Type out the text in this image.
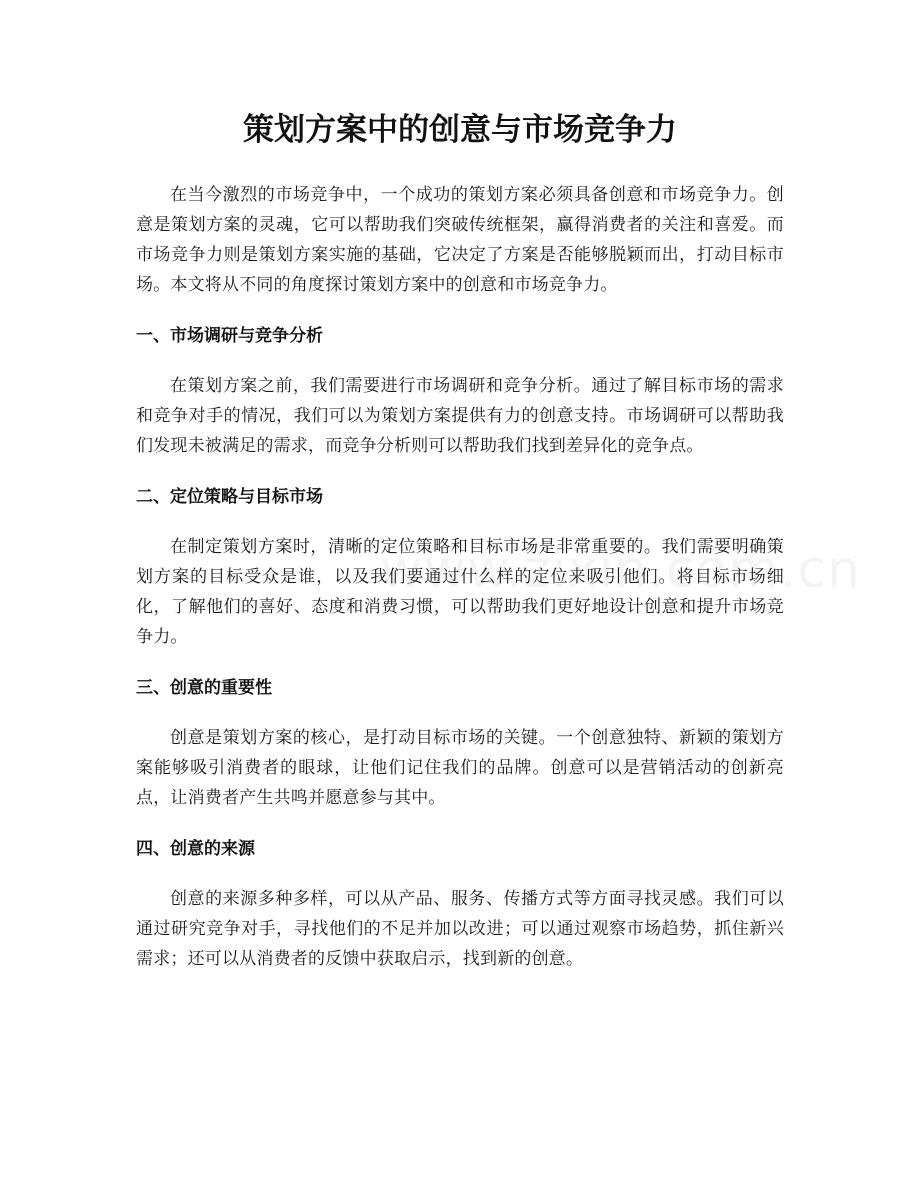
策划方案中的创意与市场竞争力

在当今激烈的市场竞争中，一个成功的策划方案必须具备创意和市场竞争力。创意是策划方案的灵魂，它可以帮助我们突破传统框架，赢得消费者的关注和喜爱。而市场竞争力则是策划方案实施的基础，它决定了方案是否能够脱颖而出，打动目标市场。本文将从不同的角度探讨策划方案中的创意和市场竞争力。

一、市场调研与竞争分析

在策划方案之前，我们需要进行市场调研和竞争分析。通过了解目标市场的需求和竞争对手的情况，我们可以为策划方案提供有力的创意支持。市场调研可以帮助我们发现未被满足的需求，而竞争分析则可以帮助我们找到差异化的竞争点。

二、定位策略与目标市场

在制定策划方案时，清晰的定位策略和目标市场是非常重要的。我们需要明确策划方案的目标受众是谁，以及我们要通过什么样的定位来吸引他们。将目标市场细化，了解他们的喜好、态度和消费习惯，可以帮助我们更好地设计创意和提升市场竞争力。

三、创意的重要性

创意是策划方案的核心，是打动目标市场的关键。一个创意独特、新颖的策划方案能够吸引消费者的眼球，让他们记住我们的品牌。创意可以是营销活动的创新亮点，让消费者产生共鸣并愿意参与其中。

四、创意的来源

创意的来源多种多样，可以从产品、服务、传播方式等方面寻找灵感。我们可以通过研究竞争对手，寻找他们的不足并加以改进；可以通过观察市场趋势，抓住新兴需求；还可以从消费者的反馈中获取启示，找到新的创意。
